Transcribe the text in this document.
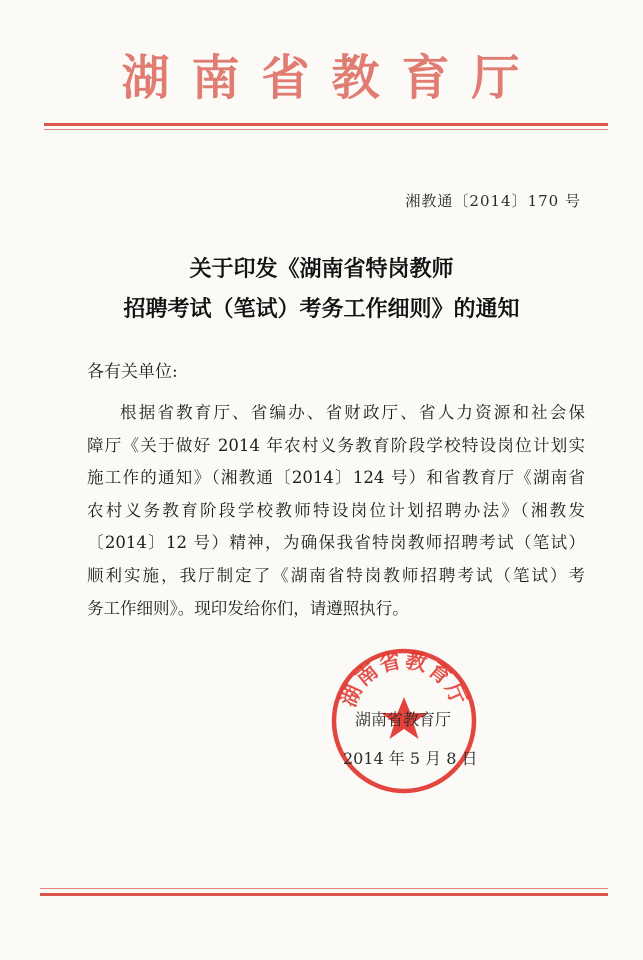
湖南省教育厅
湘教通〔2014〕170 号
关于印发《湖南省特岗教师
招聘考试（笔试）考务工作细则》的通知
各有关单位:
根据省教育厅、省编办、省财政厅、省人力资源和社会保
障厅《关于做好 2014 年农村义务教育阶段学校特设岗位计划实
施工作的通知》（湘教通〔2014〕124 号）和省教育厅《湖南省
农村义务教育阶段学校教师特设岗位计划招聘办法》（湘教发
〔2014〕12 号）精神，为确保我省特岗教师招聘考试（笔试）
顺利实施，我厅制定了《湖南省特岗教师招聘考试（笔试）考
务工作细则》。现印发给你们，请遵照执行。
湖南省教育厅
湖南省教育厅
2014 年 5 月 8 日
